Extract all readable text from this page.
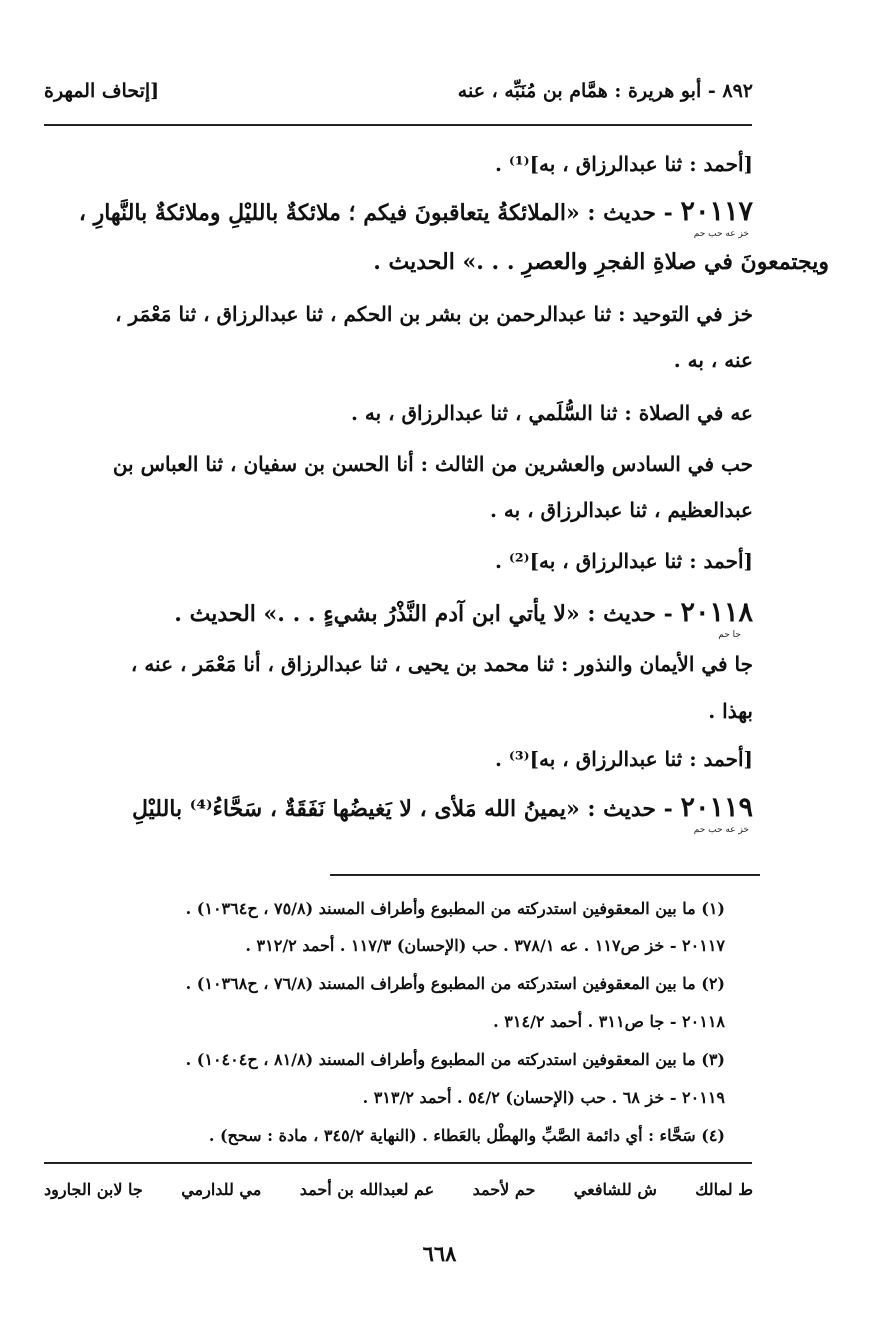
٨٩٢ - أبو هريرة : همَّام بن مُنَبِّه ، عنه
[إتحاف المهرة
[أحمد : ثنا عبدالرزاق ، به]⁽¹⁾ .
٢٠١١٧ - حديث : «الملائكةُ يتعاقبونَ فيكم ؛ ملائكةٌ بالليْلِ وملائكةٌ بالنَّهارِ ،
خز عه حب حم
ويجتمعونَ في صلاةِ الفجرِ والعصرِ . . .» الحديث .
خز في التوحيد : ثنا عبدالرحمن بن بشر بن الحكم ، ثنا عبدالرزاق ، ثنا مَعْمَر ،
عنه ، به .
عه في الصلاة : ثنا السُّلَمي ، ثنا عبدالرزاق ، به .
حب في السادس والعشرين من الثالث : أنا الحسن بن سفيان ، ثنا العباس بن
عبدالعظيم ، ثنا عبدالرزاق ، به .
[أحمد : ثنا عبدالرزاق ، به]⁽²⁾ .
٢٠١١٨ - حديث : «لا يأتي ابن آدم النَّذْرُ بشيءٍ . . .» الحديث .
جا حم
جا في الأيمان والنذور : ثنا محمد بن يحيى ، ثنا عبدالرزاق ، أنا مَعْمَر ، عنه ،
بهذا .
[أحمد : ثنا عبدالرزاق ، به]⁽³⁾ .
٢٠١١٩ - حديث : «يمينُ الله مَلأى ، لا يَغيضُها نَفَقَةٌ ، سَحَّاءُ⁽⁴⁾ بالليْلِ
خز عه حب حم
(١) ما بين المعقوفين استدركته من المطبوع وأطراف المسند (٧٥/٨ ، ح١٠٣٦٤) .
٢٠١١٧ - خز ص١١٧ . عه ٣٧٨/١ . حب (الإحسان) ١١٧/٣ . أحمد ٣١٢/٢ .
(٢) ما بين المعقوفين استدركته من المطبوع وأطراف المسند (٧٦/٨ ، ح١٠٣٦٨) .
٢٠١١٨ - جا ص٣١١ . أحمد ٣١٤/٢ .
(٣) ما بين المعقوفين استدركته من المطبوع وأطراف المسند (٨١/٨ ، ح١٠٤٠٤) .
٢٠١١٩ - خز ٦٨ . حب (الإحسان) ٥٤/٢ . أحمد ٣١٣/٢ .
(٤) سَحَّاء : أي دائمة الصَّبِّ والهطْل بالعَطاء . (النهاية ٣٤٥/٢ ، مادة : سحح) .
ط لمالك
ش للشافعي
حم لأحمد
عم لعبدالله بن أحمد
مي للدارمي
جا لابن الجارود
٦٦٨
